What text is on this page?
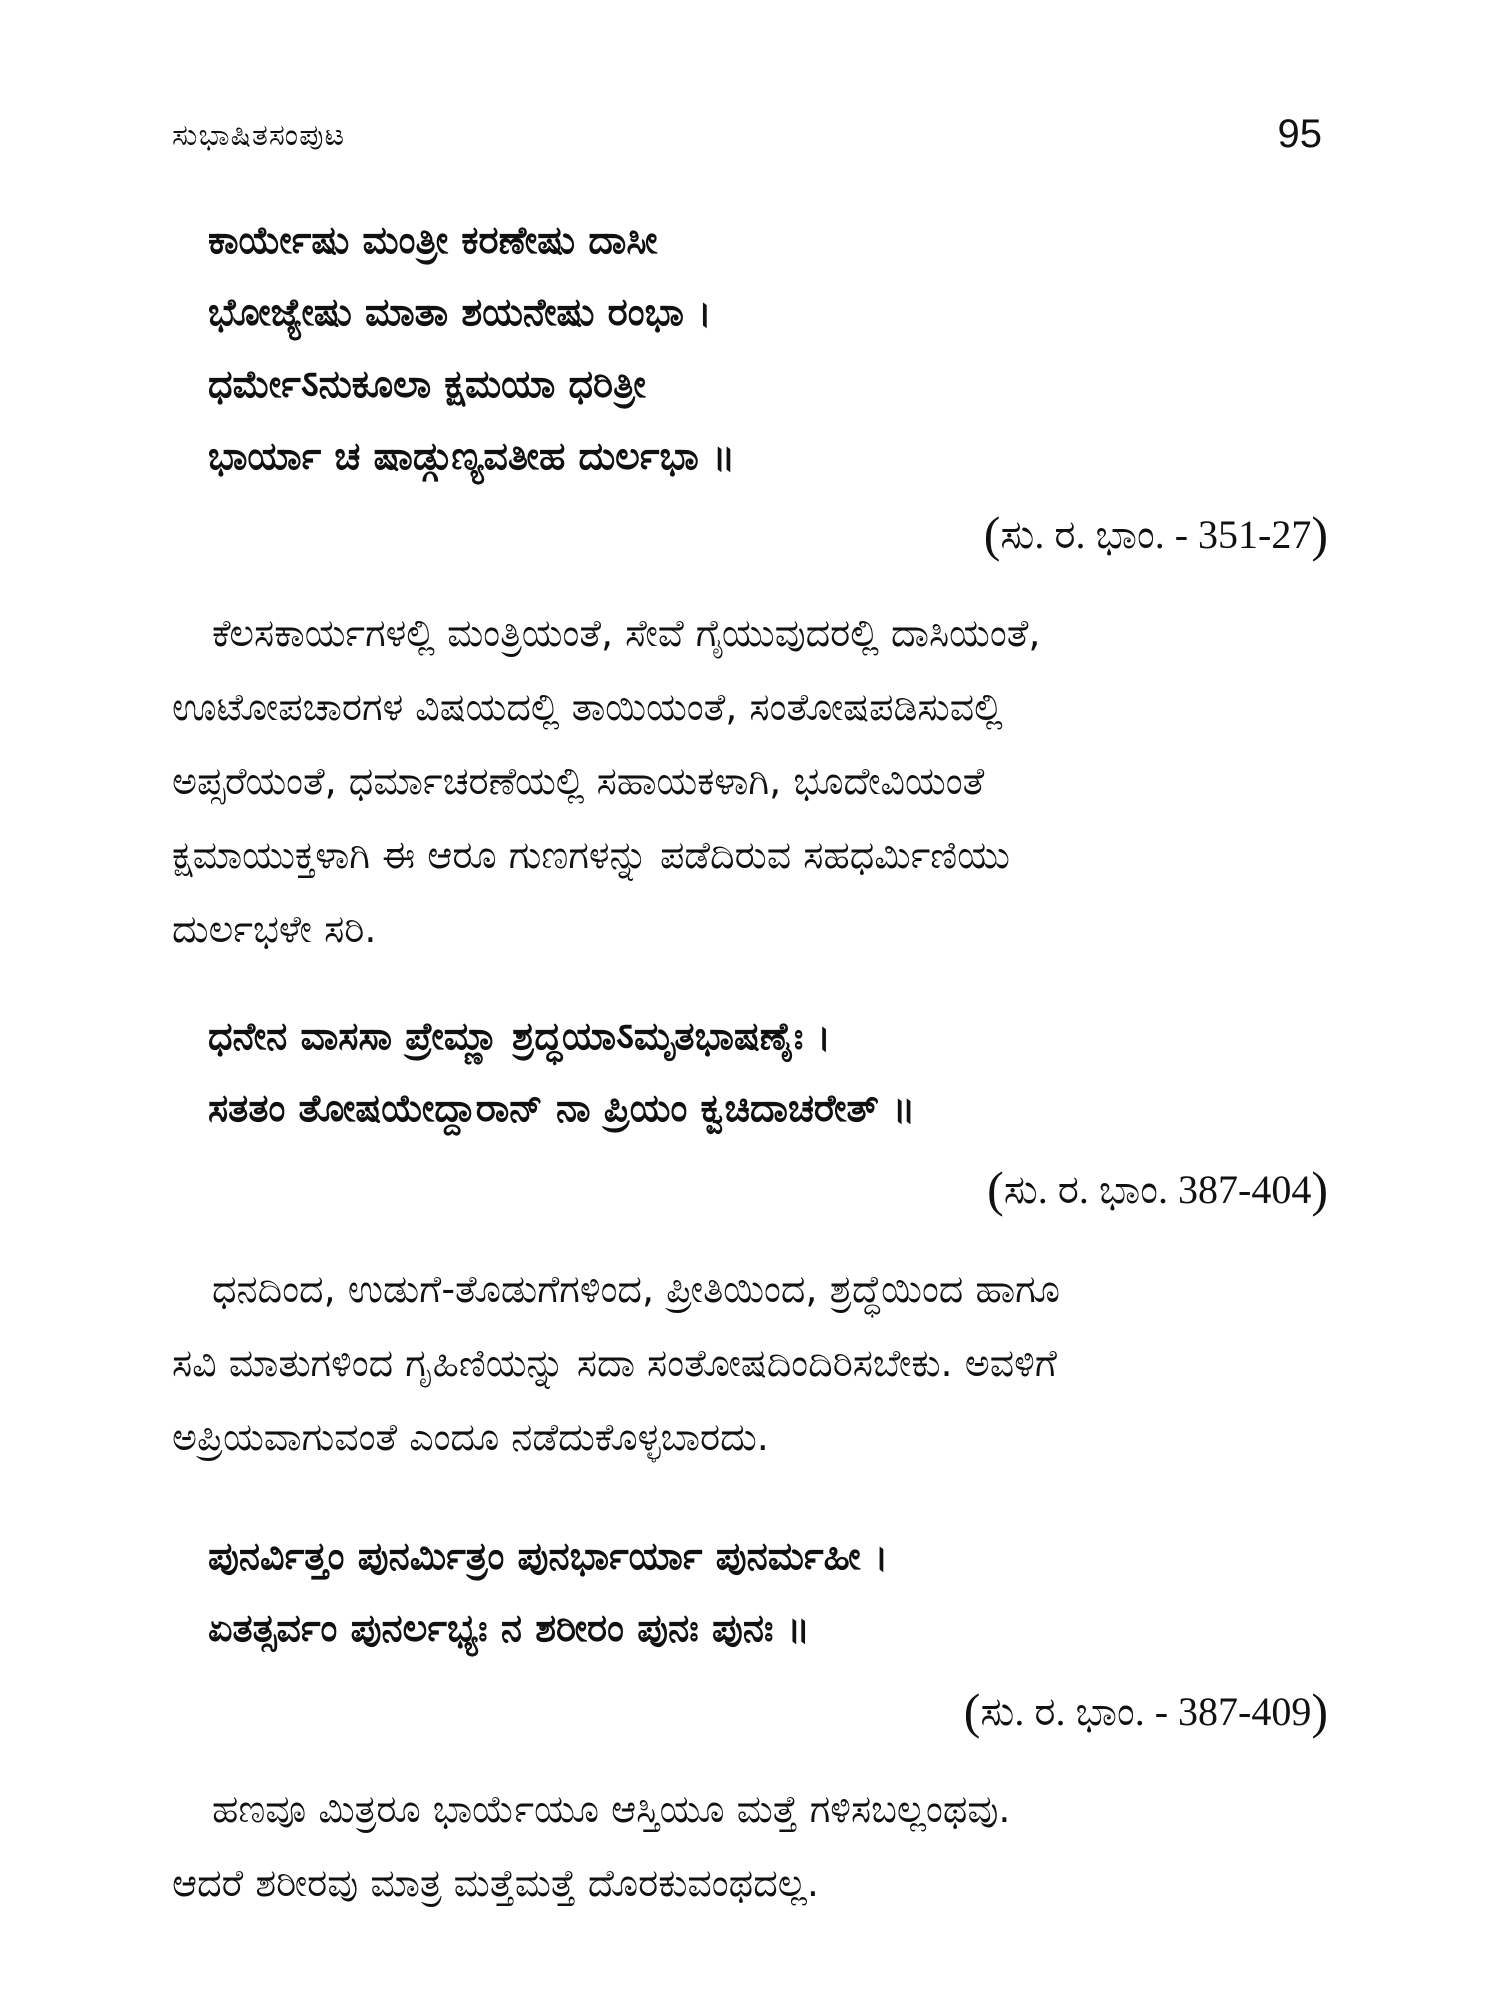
ಸುಭಾಷಿತಸಂಪುಟ	95
ಕಾರ್ಯೇಷು ಮಂತ್ರೀ ಕರಣೇಷು ದಾಸೀ
ಭೋಜ್ಯೇಷು ಮಾತಾ ಶಯನೇಷು ರಂಭಾ ।
ಧರ್ಮೇऽನುಕೂಲಾ ಕ್ಷಮಯಾ ಧರಿತ್ರೀ
ಭಾರ್ಯಾ ಚ ಷಾಡ್ಗುಣ್ಯವತೀಹ ದುರ್ಲಭಾ ॥
(ಸು. ರ. ಭಾಂ. - 351-27)
ಕೆಲಸಕಾರ್ಯಗಳಲ್ಲಿ ಮಂತ್ರಿಯಂತೆ, ಸೇವೆ ಗೈಯುವುದರಲ್ಲಿ ದಾಸಿಯಂತೆ,
ಊಟೋಪಚಾರಗಳ ವಿಷಯದಲ್ಲಿ ತಾಯಿಯಂತೆ, ಸಂತೋಷಪಡಿಸುವಲ್ಲಿ
ಅಪ್ಸರೆಯಂತೆ, ಧರ್ಮಾಚರಣೆಯಲ್ಲಿ ಸಹಾಯಕಳಾಗಿ, ಭೂದೇವಿಯಂತೆ
ಕ್ಷಮಾಯುಕ್ತಳಾಗಿ ಈ ಆರೂ ಗುಣಗಳನ್ನು ಪಡೆದಿರುವ ಸಹಧರ್ಮಿಣಿಯು
ದುರ್ಲಭಳೇ ಸರಿ.
ಧನೇನ ವಾಸಸಾ ಪ್ರೇಮ್ಣಾ ಶ್ರದ್ಧಯಾऽಮೃತಭಾಷಣೈಃ ।
ಸತತಂ ತೋಷಯೇದ್ದಾರಾನ್ ನಾ ಪ್ರಿಯಂ ಕ್ವಚಿದಾಚರೇತ್ ॥
(ಸು. ರ. ಭಾಂ. 387-404)
ಧನದಿಂದ, ಉಡುಗೆ-ತೊಡುಗೆಗಳಿಂದ, ಪ್ರೀತಿಯಿಂದ, ಶ್ರದ್ಧೆಯಿಂದ ಹಾಗೂ
ಸವಿ ಮಾತುಗಳಿಂದ ಗೃಹಿಣಿಯನ್ನು ಸದಾ ಸಂತೋಷದಿಂದಿರಿಸಬೇಕು. ಅವಳಿಗೆ
ಅಪ್ರಿಯವಾಗುವಂತೆ ಎಂದೂ ನಡೆದುಕೊಳ್ಳಬಾರದು.
ಪುನರ್ವಿತ್ತಂ ಪುನರ್ಮಿತ್ರಂ ಪುನರ್ಭಾರ್ಯಾ ಪುನರ್ಮಹೀ ।
ಏತತ್ಸರ್ವಂ ಪುನರ್ಲಭ್ಯಃ ನ ಶರೀರಂ ಪುನಃ ಪುನಃ ॥
(ಸು. ರ. ಭಾಂ. - 387-409)
ಹಣವೂ ಮಿತ್ರರೂ ಭಾರ್ಯೆಯೂ ಆಸ್ತಿಯೂ ಮತ್ತೆ ಗಳಿಸಬಲ್ಲಂಥವು.
ಆದರೆ ಶರೀರವು ಮಾತ್ರ ಮತ್ತೆಮತ್ತೆ ದೊರಕುವಂಥದಲ್ಲ.
